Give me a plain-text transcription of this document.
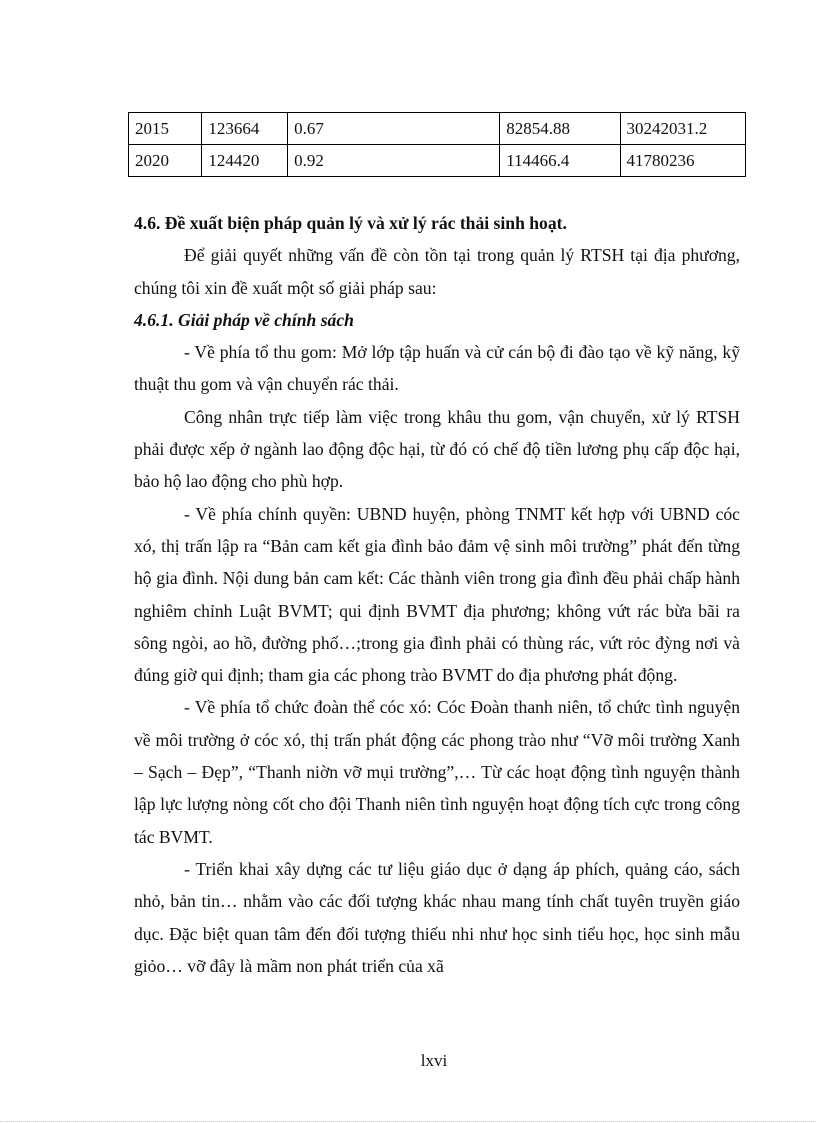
2015	123664	0.67	82854.88	30242031.2
2020	124420	0.92	114466.4	41780236

4.6. Đề xuất biện pháp quản lý và xử lý rác thải sinh hoạt.

Để giải quyết những vấn đề còn tồn tại trong quản lý RTSH tại địa phương, chúng tôi xin đề xuất một số giải pháp sau:

4.6.1. Giải pháp về chính sách

- Về phía tổ thu gom: Mở lớp tập huấn và cử cán bộ đi đào tạo về kỹ năng, kỹ thuật thu gom và vận chuyển rác thải.

Công nhân trực tiếp làm việc trong khâu thu gom, vận chuyển, xử lý RTSH phải được xếp ở ngành lao động độc hại, từ đó có chế độ tiền lương phụ cấp độc hại, bảo hộ lao động cho phù hợp.

- Về phía chính quyền: UBND huyện, phòng TNMT kết hợp với UBND cóc xó, thị trấn lập ra “Bản cam kết gia đình bảo đảm vệ sinh môi trường” phát đến từng hộ gia đình. Nội dung bản cam kết: Các thành viên trong gia đình đều phải chấp hành nghiêm chỉnh Luật BVMT; qui định BVMT địa phương; không vứt rác bừa bãi ra sông ngòi, ao hồ, đường phố…;trong gia đình phải có thùng rác, vứt rỏc đỳng nơi và đúng giờ qui định; tham gia các phong trào BVMT do địa phương phát động.

- Về phía tổ chức đoàn thể cóc xó: Cóc Đoàn thanh niên, tổ chức tình nguyện về môi trường ở cóc xó, thị trấn phát động các phong trào như “Vỡ môi trường Xanh – Sạch – Đẹp”, “Thanh niờn vỡ mụi trường”,… Từ các hoạt động tình nguyện thành lập lực lượng nòng cốt cho đội Thanh niên tình nguyện hoạt động tích cực trong công tác BVMT.

- Triển khai xây dựng các tư liệu giáo dục ở dạng áp phích, quảng cáo, sách nhỏ, bản tin… nhằm vào các đối tượng khác nhau mang tính chất tuyên truyền giáo dục. Đặc biệt quan tâm đến đối tượng thiếu nhi như học sinh tiểu học, học sinh mẫu giỏo… vỡ đây là mầm non phát triển của xã

lxvi
